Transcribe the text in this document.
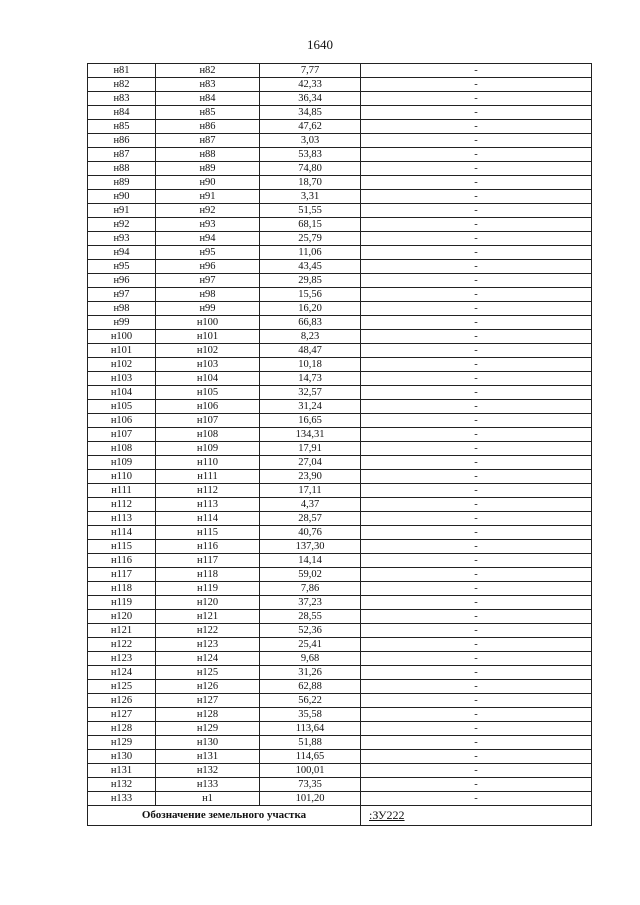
1640
н81	н82	7,77	-
н82	н83	42,33	-
н83	н84	36,34	-
н84	н85	34,85	-
н85	н86	47,62	-
н86	н87	3,03	-
н87	н88	53,83	-
н88	н89	74,80	-
н89	н90	18,70	-
н90	н91	3,31	-
н91	н92	51,55	-
н92	н93	68,15	-
н93	н94	25,79	-
н94	н95	11,06	-
н95	н96	43,45	-
н96	н97	29,85	-
н97	н98	15,56	-
н98	н99	16,20	-
н99	н100	66,83	-
н100	н101	8,23	-
н101	н102	48,47	-
н102	н103	10,18	-
н103	н104	14,73	-
н104	н105	32,57	-
н105	н106	31,24	-
н106	н107	16,65	-
н107	н108	134,31	-
н108	н109	17,91	-
н109	н110	27,04	-
н110	н111	23,90	-
н111	н112	17,11	-
н112	н113	4,37	-
н113	н114	28,57	-
н114	н115	40,76	-
н115	н116	137,30	-
н116	н117	14,14	-
н117	н118	59,02	-
н118	н119	7,86	-
н119	н120	37,23	-
н120	н121	28,55	-
н121	н122	52,36	-
н122	н123	25,41	-
н123	н124	9,68	-
н124	н125	31,26	-
н125	н126	62,88	-
н126	н127	56,22	-
н127	н128	35,58	-
н128	н129	113,64	-
н129	н130	51,88	-
н130	н131	114,65	-
н131	н132	100,01	-
н132	н133	73,35	-
н133	н1	101,20	-
Обозначение земельного участка			:ЗУ222
